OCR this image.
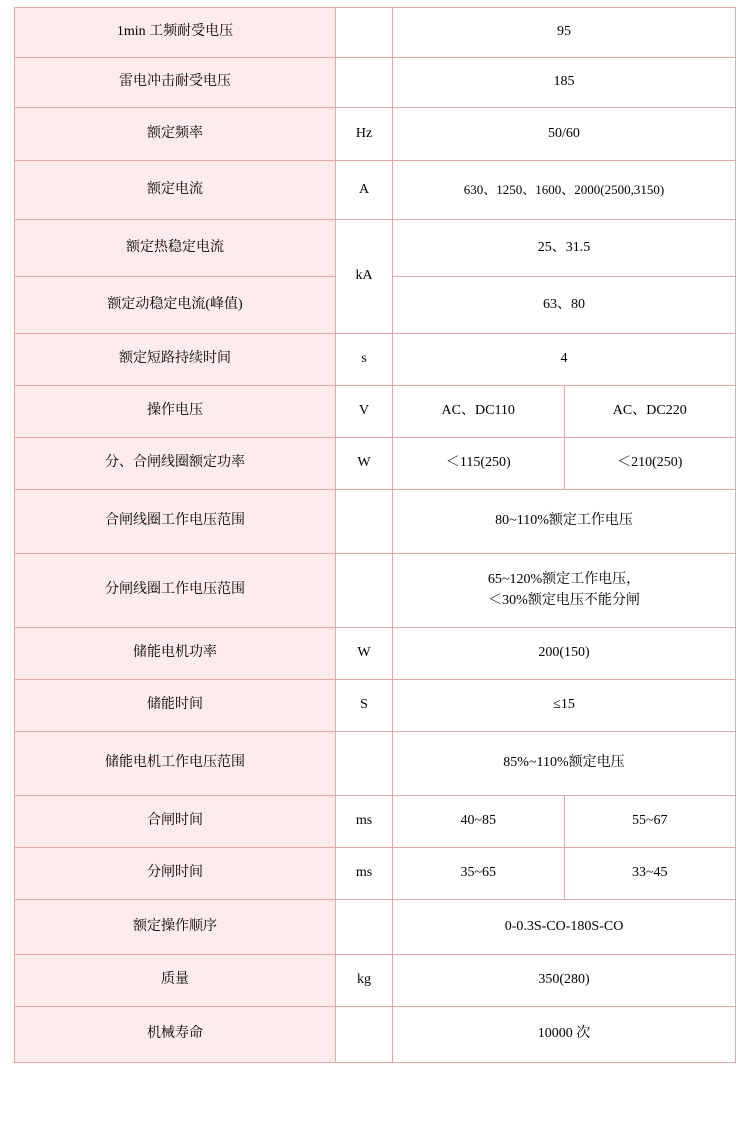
1min 工频耐受电压		95	
雷电冲击耐受电压		185	
额定频率	Hz	50/60	
额定电流	A	630、1250、1600、2000(2500,3150)	
额定热稳定电流	kA	25、31.5	
额定动稳定电流(峰值)		63、80	
额定短路持续时间	s	4	
操作电压	V	AC、DC110	AC、DC220
分、合闸线圈额定功率	W	＜115(250)	＜210(250)
合闸线圈工作电压范围		80~110%额定工作电压	
分闸线圈工作电压范围		65~120%额定工作电压，
＜30%额定电压不能分闸	

储能电机功率	W	200(150)	
储能时间	S	≤15	
储能电机工作电压范围		85%~110%额定电压	
合闸时间	ms	40~85	55~67
分闸时间	ms	35~65	33~45
额定操作顺序		0-0.3S-CO-180S-CO	
质量	kg	350(280)	
机械寿命		10000 次	
